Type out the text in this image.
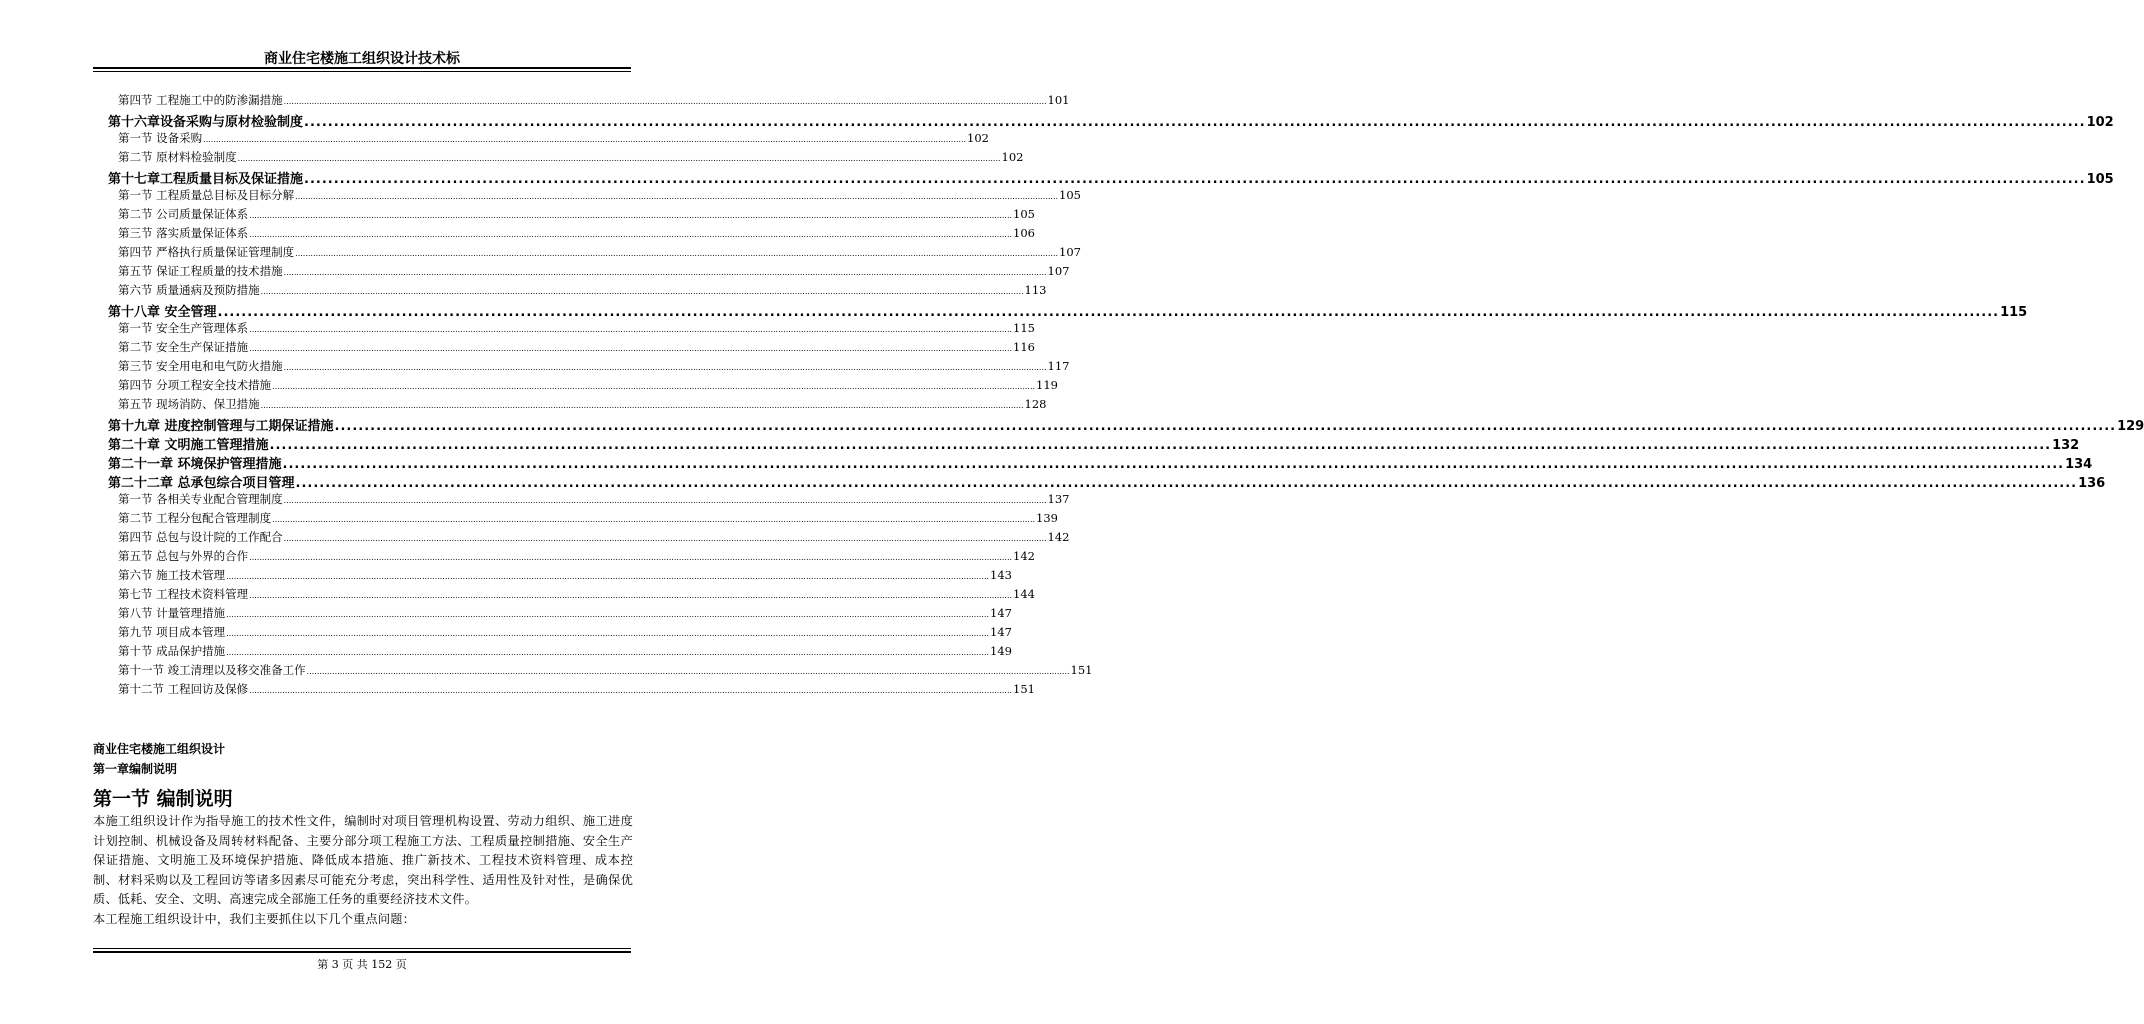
商业住宅楼施工组织设计技术标
第四节 工程施工中的防渗漏措施 ............................................................................................................................................................................................................................................................................................................ 101
第十六章设备采购与原材检验制度 ............................................................................................................................................................................................................................................................................................................ 102
第一节 设备采购 ............................................................................................................................................................................................................................................................................................................ 102
第二节 原材料检验制度 ............................................................................................................................................................................................................................................................................................................ 102
第十七章工程质量目标及保证措施 ............................................................................................................................................................................................................................................................................................................ 105
第一节 工程质量总目标及目标分解 ............................................................................................................................................................................................................................................................................................................ 105
第二节 公司质量保证体系 ............................................................................................................................................................................................................................................................................................................ 105
第三节 落实质量保证体系 ............................................................................................................................................................................................................................................................................................................ 106
第四节 严格执行质量保证管理制度 ............................................................................................................................................................................................................................................................................................................ 107
第五节 保证工程质量的技术措施 ............................................................................................................................................................................................................................................................................................................ 107
第六节 质量通病及预防措施 ............................................................................................................................................................................................................................................................................................................ 113
第十八章 安全管理 ............................................................................................................................................................................................................................................................................................................ 115
第一节 安全生产管理体系 ............................................................................................................................................................................................................................................................................................................ 115
第二节 安全生产保证措施 ............................................................................................................................................................................................................................................................................................................ 116
第三节 安全用电和电气防火措施 ............................................................................................................................................................................................................................................................................................................ 117
第四节 分项工程安全技术措施 ............................................................................................................................................................................................................................................................................................................ 119
第五节 现场消防、保卫措施 ............................................................................................................................................................................................................................................................................................................ 128
第十九章 进度控制管理与工期保证措施 ............................................................................................................................................................................................................................................................................................................ 129
第二十章 文明施工管理措施 ............................................................................................................................................................................................................................................................................................................ 132
第二十一章 环境保护管理措施 ............................................................................................................................................................................................................................................................................................................ 134
第二十二章 总承包综合项目管理 ............................................................................................................................................................................................................................................................................................................ 136
第一节 各相关专业配合管理制度 ............................................................................................................................................................................................................................................................................................................ 137
第二节 工程分包配合管理制度 ............................................................................................................................................................................................................................................................................................................ 139
第四节 总包与设计院的工作配合 ............................................................................................................................................................................................................................................................................................................ 142
第五节 总包与外界的合作 ............................................................................................................................................................................................................................................................................................................ 142
第六节 施工技术管理 ............................................................................................................................................................................................................................................................................................................ 143
第七节 工程技术资料管理 ............................................................................................................................................................................................................................................................................................................ 144
第八节 计量管理措施 ............................................................................................................................................................................................................................................................................................................ 147
第九节 项目成本管理 ............................................................................................................................................................................................................................................................................................................ 147
第十节 成品保护措施 ............................................................................................................................................................................................................................................................................................................ 149
第十一节 竣工清理以及移交准备工作 ............................................................................................................................................................................................................................................................................................................ 151
第十二节 工程回访及保修 ............................................................................................................................................................................................................................................................................................................ 151
商业住宅楼施工组织设计
第一章编制说明
第一节 编制说明

本施工组织设计作为指导施工的技术性文件，编制时对项目管理机构设置、劳动力组织、施工进度计划控制、机械设备及周转材料配备、主要分部分项工程施工方法、工程质量控制措施、安全生产保证措施、文明施工及环境保护措施、降低成本措施、推广新技术、工程技术资料管理、成本控制、材料采购以及工程回访等诸多因素尽可能充分考虑，突出科学性、适用性及针对性，是确保优质、低耗、安全、文明、高速完成全部施工任务的重要经济技术文件。

本工程施工组织设计中，我们主要抓住以下几个重点问题：

第 3 页 共 152 页
